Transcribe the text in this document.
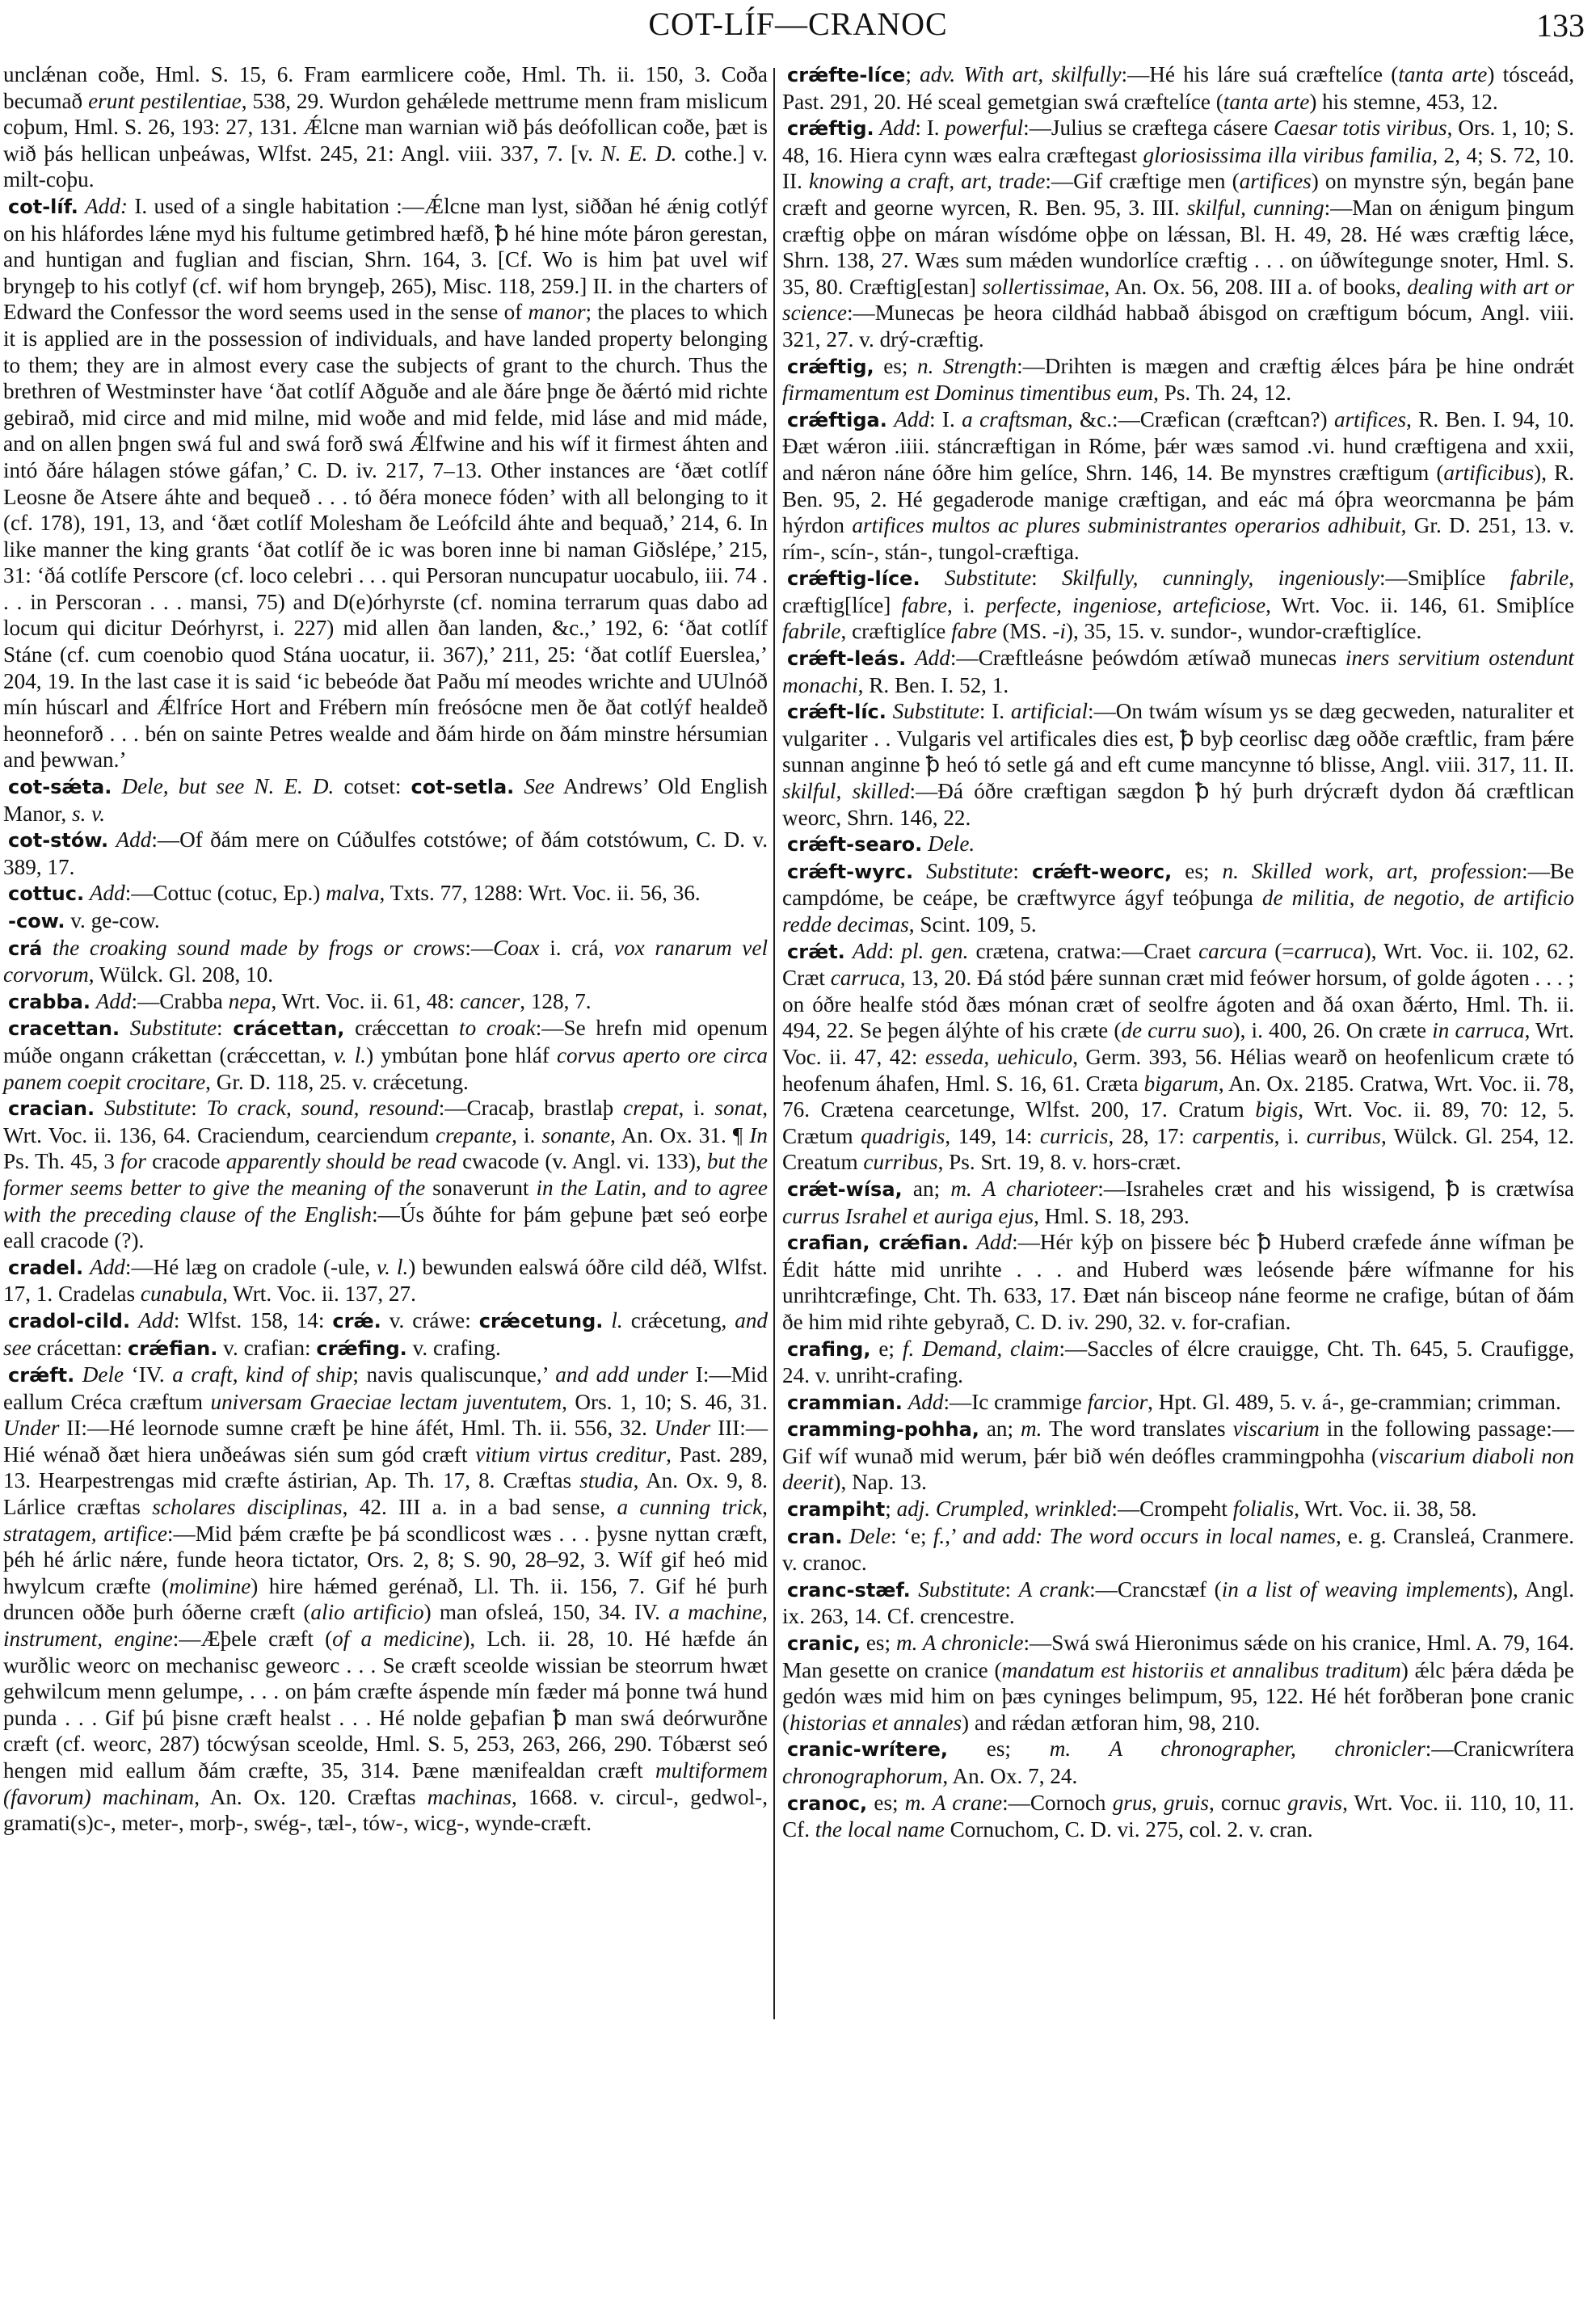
COT-LÍF—CRANOC	133

unclǽnan coðe, Hml. S. 15, 6. Fram earmlicere coðe, Hml. Th. ii. 150, 3. Coða becumað erunt pestilentiae, 538, 29. Wurdon gehǽlede mettrume menn fram mislicum coþum, Hml. S. 26, 193: 27, 131. Ǽlcne man warnian wið þás deófollican coðe, þæt is wið þás hellican unþeáwas, Wlfst. 245, 21: Angl. viii. 337, 7. [v. N. E. D. cothe.] v. milt-coþu.

cot-líf. Add: I. used of a single habitation :—Ǽlcne man lyst, siððan hé ǽnig cotlýf on his hláfordes lǽne myd his fultume getimbred hæfð, ꝥ hé hine móte þáron gerestan, and huntigan and fuglian and fiscian, Shrn. 164, 3. [Cf. Wo is him þat uvel wif bryngeþ to his cotlyf (cf. wif hom bryngeþ, 265), Misc. 118, 259.] II. in the charters of Edward the Confessor the word seems used in the sense of manor; the places to which it is applied are in the possession of individuals, and have landed property belonging to them; they are in almost every case the subjects of grant to the church. Thus the brethren of Westminster have ‘ðat cotlíf Aðguðe and ale ðáre þnge ðe ðǽrtó mid richte gebirað, mid circe and mid milne, mid woðe and mid felde, mid láse and mid máde, and on allen þngen swá ful and swá forð swá Ǽlfwine and his wíf it firmest áhten and intó ðáre hálagen stówe gáfan,’ C. D. iv. 217, 7–13. Other instances are ‘ðæt cotlíf Leosne ðe Atsere áhte and bequeð . . . tó ðéra monece fóden’ with all belonging to it (cf. 178), 191, 13, and ‘ðæt cotlíf Molesham ðe Leófcild áhte and bequað,’ 214, 6. In like manner the king grants ‘ðat cotlíf ðe ic was boren inne bi naman Giðslépe,’ 215, 31: ‘ðá cotlífe Perscore (cf. loco celebri . . . qui Persoran nuncupatur uocabulo, iii. 74 . . . in Perscoran . . . mansi, 75) and D(e)órhyrste (cf. nomina terrarum quas dabo ad locum qui dicitur Deórhyrst, i. 227) mid allen ðan landen, &c.,’ 192, 6: ‘ðat cotlíf Stáne (cf. cum coenobio quod Stána uocatur, ii. 367),’ 211, 25: ‘ðat cotlíf Euerslea,’ 204, 19. In the last case it is said ‘ic bebeóde ðat Paðu mí meodes wrichte and UUlnóð mín húscarl and Ǽlfríce Hort and Frébern mín freósócne men ðe ðat cotlýf healdeð heonneforð . . . bén on sainte Petres wealde and ðám hirde on ðám minstre hérsumian and þewwan.’

cot-sǽta. Dele, but see N. E. D. cotset: cot-setla. See Andrews’ Old English Manor, s. v.

cot-stów. Add:—Of ðám mere on Cúðulfes cotstówe; of ðám cotstówum, C. D. v. 389, 17.

cottuc. Add:—Cottuc (cotuc, Ep.) malva, Txts. 77, 1288: Wrt. Voc. ii. 56, 36.

-cow. v. ge-cow.

crá the croaking sound made by frogs or crows:—Coax i. crá, vox ranarum vel corvorum, Wülck. Gl. 208, 10.

crabba. Add:—Crabba nepa, Wrt. Voc. ii. 61, 48: cancer, 128, 7.

cracettan. Substitute: crácettan, crǽccettan to croak:—Se hrefn mid openum múðe ongann crákettan (crǽccettan, v. l.) ymbútan þone hláf corvus aperto ore circa panem coepit crocitare, Gr. D. 118, 25. v. crǽcetung.

cracian. Substitute: To crack, sound, resound:—Cracaþ, brastlaþ crepat, i. sonat, Wrt. Voc. ii. 136, 64. Craciendum, cearciendum crepante, i. sonante, An. Ox. 31. ¶ In Ps. Th. 45, 3 for cracode apparently should be read cwacode (v. Angl. vi. 133), but the former seems better to give the meaning of the sonaverunt in the Latin, and to agree with the preceding clause of the English:—Ús ðúhte for þám geþune þæt seó eorþe eall cracode (?).

cradel. Add:—Hé læg on cradole (-ule, v. l.) bewunden ealswá óðre cild déð, Wlfst. 17, 1. Cradelas cunabula, Wrt. Voc. ii. 137, 27.

cradol-cild. Add: Wlfst. 158, 14: crǽ. v. cráwe: crǽcetung. l. crǽcetung, and see crácettan: crǽfian. v. crafian: crǽfing. v. crafing.

crǽft. Dele ‘IV. a craft, kind of ship; navis qualiscunque,’ and add under I:—Mid eallum Créca cræftum universam Graeciae lectam juventutem, Ors. 1, 10; S. 46, 31. Under II:—Hé leornode sumne cræft þe hine áfét, Hml. Th. ii. 556, 32. Under III:—Hié wénað ðæt hiera unðeáwas sién sum gód cræft vitium virtus creditur, Past. 289, 13. Hearpestrengas mid cræfte ástirian, Ap. Th. 17, 8. Cræftas studia, An. Ox. 9, 8. Lárlice cræftas scholares disciplinas, 42. III a. in a bad sense, a cunning trick, stratagem, artifice:—Mid þǽm cræfte þe þá scondlicost wæs . . . þysne nyttan cræft, þéh hé árlic nǽre, funde heora tictator, Ors. 2, 8; S. 90, 28–92, 3. Wíf gif heó mid hwylcum cræfte (molimine) hire hǽmed gerénað, Ll. Th. ii. 156, 7. Gif hé þurh druncen oððe þurh óðerne cræft (alio artificio) man ofsleá, 150, 34. IV. a machine, instrument, engine:—Æþele cræft (of a medicine), Lch. ii. 28, 10. Hé hæfde án wurðlic weorc on mechanisc geweorc . . . Se cræft sceolde wissian be steorrum hwæt gehwilcum menn gelumpe, . . . on þám cræfte áspende mín fæder má þonne twá hund punda . . . Gif þú þisne cræft healst . . . Hé nolde geþafian ꝥ man swá deórwurðne cræft (cf. weorc, 287) tócwýsan sceolde, Hml. S. 5, 253, 263, 266, 290. Tóbærst seó hengen mid eallum ðám cræfte, 35, 314. Þæne mænifealdan cræft multiformem (favorum) machinam, An. Ox. 120. Cræftas machinas, 1668. v. circul-, gedwol-, gramati(s)c-, meter-, morþ-, swég-, tæl-, tów-, wicg-, wynde-cræft.

crǽfte-líce; adv. With art, skilfully:—Hé his láre suá cræftelíce (tanta arte) tósceád, Past. 291, 20. Hé sceal gemetgian swá cræftelíce (tanta arte) his stemne, 453, 12.

crǽftig. Add: I. powerful:—Julius se cræftega cásere Caesar totis viribus, Ors. 1, 10; S. 48, 16. Hiera cynn wæs ealra cræftegast gloriosissima illa viribus familia, 2, 4; S. 72, 10. II. knowing a craft, art, trade:—Gif cræftige men (artifices) on mynstre sýn, begán þane cræft and georne wyrcen, R. Ben. 95, 3. III. skilful, cunning:—Man on ǽnigum þingum cræftig oþþe on máran wísdóme oþþe on lǽssan, Bl. H. 49, 28. Hé wæs cræftig lǽce, Shrn. 138, 27. Wæs sum mǽden wundorlíce cræftig . . . on úðwítegunge snoter, Hml. S. 35, 80. Cræftig[estan] sollertissimae, An. Ox. 56, 208. III a. of books, dealing with art or science:—Munecas þe heora cildhád habbað ábisgod on cræftigum bócum, Angl. viii. 321, 27. v. drý-cræftig.

crǽftig, es; n. Strength:—Drihten is mægen and cræftig ǽlces þára þe hine ondrǽt firmamentum est Dominus timentibus eum, Ps. Th. 24, 12.

crǽftiga. Add: I. a craftsman, &c.:—Cræfican (cræftcan?) artifices, R. Ben. I. 94, 10. Ðæt wǽron .iiii. stáncræftigan in Róme, þǽr wæs samod .vi. hund cræftigena and xxii, and nǽron náne óðre him gelíce, Shrn. 146, 14. Be mynstres cræftigum (artificibus), R. Ben. 95, 2. Hé gegaderode manige cræftigan, and eác má óþra weorcmanna þe þám hýrdon artifices multos ac plures subministrantes operarios adhibuit, Gr. D. 251, 13. v. rím-, scín-, stán-, tungol-cræftiga.

crǽftig-líce. Substitute: Skilfully, cunningly, ingeniously:—Smiþlíce fabrile, cræftig[líce] fabre, i. perfecte, ingeniose, arteficiose, Wrt. Voc. ii. 146, 61. Smiþlíce fabrile, cræftiglíce fabre (MS. -i), 35, 15. v. sundor-, wundor-cræftiglíce.

crǽft-leás. Add:—Cræftleásne þeówdóm ætíwað munecas iners servitium ostendunt monachi, R. Ben. I. 52, 1.

crǽft-líc. Substitute: I. artificial:—On twám wísum ys se dæg gecweden, naturaliter et vulgariter . . Vulgaris vel artificales dies est, ꝥ byþ ceorlisc dæg oððe cræftlic, fram þǽre sunnan anginne ꝥ heó tó setle gá and eft cume mancynne tó blisse, Angl. viii. 317, 11. II. skilful, skilled:—Ðá óðre cræftigan sægdon ꝥ hý þurh drýcræft dydon ðá cræftlican weorc, Shrn. 146, 22.

crǽft-searo. Dele.

crǽft-wyrc. Substitute: crǽft-weorc, es; n. Skilled work, art, profession:—Be campdóme, be ceápe, be cræftwyrce ágyf teóþunga de militia, de negotio, de artificio redde decimas, Scint. 109, 5.

crǽt. Add: pl. gen. crætena, cratwa:—Craet carcura (=carruca), Wrt. Voc. ii. 102, 62. Cræt carruca, 13, 20. Ðá stód þǽre sunnan cræt mid feówer horsum, of golde ágoten . . . ; on óðre healfe stód ðæs mónan cræt of seolfre ágoten and ðá oxan ðǽrto, Hml. Th. ii. 494, 22. Se þegen álýhte of his cræte (de curru suo), i. 400, 26. On cræte in carruca, Wrt. Voc. ii. 47, 42: esseda, uehiculo, Germ. 393, 56. Hélias wearð on heofenlicum cræte tó heofenum áhafen, Hml. S. 16, 61. Cræta bigarum, An. Ox. 2185. Cratwa, Wrt. Voc. ii. 78, 76. Crætena cearcetunge, Wlfst. 200, 17. Cratum bigis, Wrt. Voc. ii. 89, 70: 12, 5. Crætum quadrigis, 149, 14: curricis, 28, 17: carpentis, i. curribus, Wülck. Gl. 254, 12. Creatum curribus, Ps. Srt. 19, 8. v. hors-cræt.

crǽt-wísa, an; m. A charioteer:—Israheles cræt and his wissigend, ꝥ is crætwísa currus Israhel et auriga ejus, Hml. S. 18, 293.

crafian, crǽfian. Add:—Hér kýþ on þissere béc ꝥ Huberd cræfede ánne wífman þe Édit hátte mid unrihte . . . and Huberd wæs leósende þǽre wífmanne for his unrihtcræfinge, Cht. Th. 633, 17. Ðæt nán bisceop náne feorme ne crafige, bútan of ðám ðe him mid rihte gebyrað, C. D. iv. 290, 32. v. for-crafian.

crafing, e; f. Demand, claim:—Saccles of élcre crauigge, Cht. Th. 645, 5. Craufigge, 24. v. unriht-crafing.

crammian. Add:—Ic crammige farcior, Hpt. Gl. 489, 5. v. á-, ge-crammian; crimman.

cramming-pohha, an; m. The word translates viscarium in the following passage:—Gif wíf wunað mid werum, þǽr bið wén deófles crammingpohha (viscarium diaboli non deerit), Nap. 13.

crampiht; adj. Crumpled, wrinkled:—Crompeht folialis, Wrt. Voc. ii. 38, 58.

cran. Dele: ‘e; f.,’ and add: The word occurs in local names, e. g. Cransleá, Cranmere. v. cranoc.

cranc-stæf. Substitute: A crank:—Crancstæf (in a list of weaving implements), Angl. ix. 263, 14. Cf. crencestre.

cranic, es; m. A chronicle:—Swá swá Hieronimus sǽde on his cranice, Hml. A. 79, 164. Man gesette on cranice (mandatum est historiis et annalibus traditum) ǽlc þǽra dǽda þe gedón wæs mid him on þæs cyninges belimpum, 95, 122. Hé hét forðberan þone cranic (historias et annales) and rǽdan ætforan him, 98, 210.

cranic-wrítere, es; m. A chronographer, chronicler:—Cranicwrítera chronographorum, An. Ox. 7, 24.

cranoc, es; m. A crane:—Cornoch grus, gruis, cornuc gravis, Wrt. Voc. ii. 110, 10, 11. Cf. the local name Cornuchom, C. D. vi. 275, col. 2. v. cran.
